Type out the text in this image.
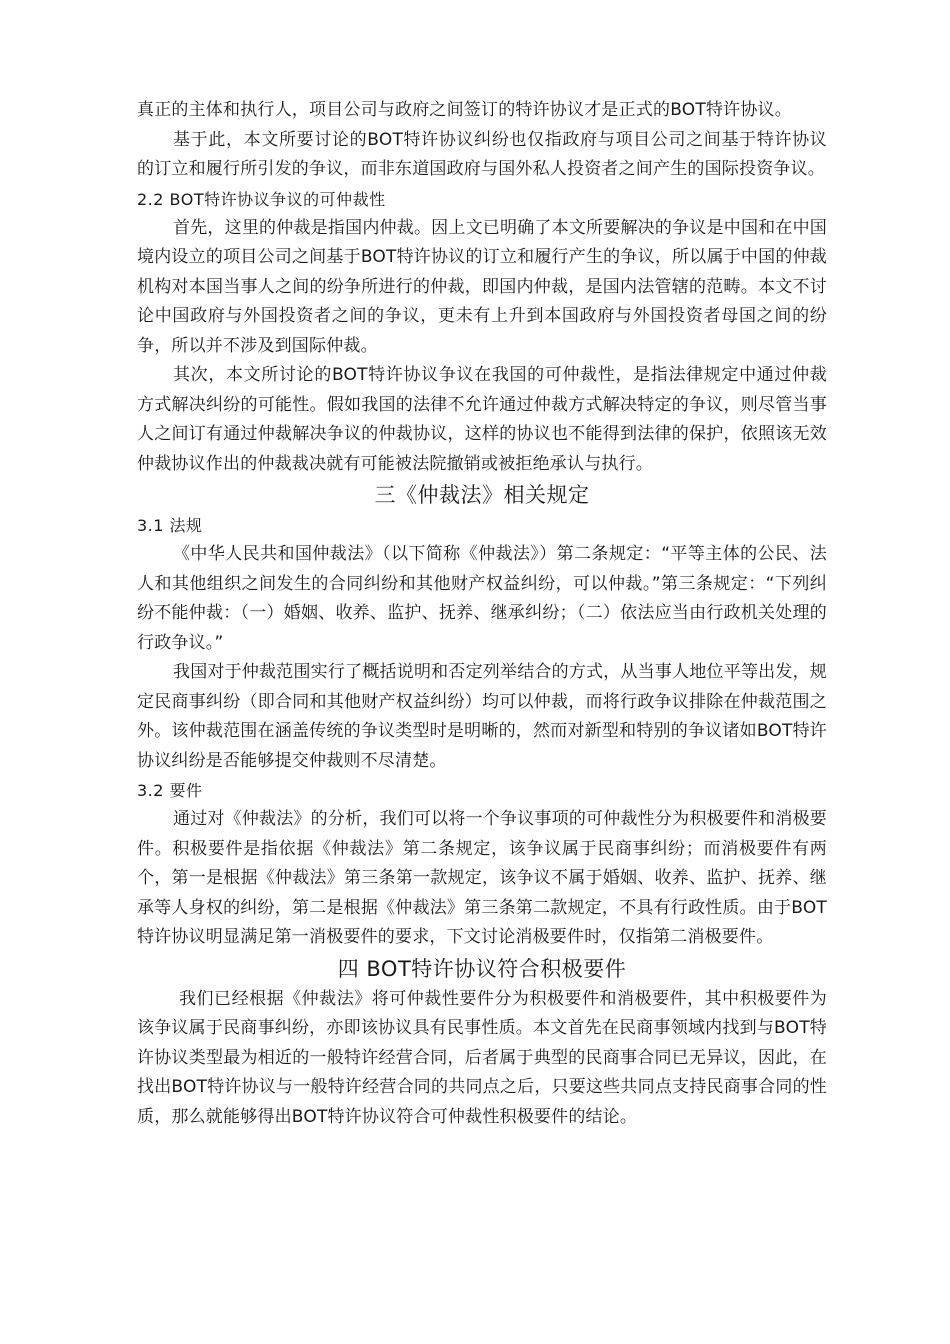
真正的主体和执行人，项目公司与政府之间签订的特许协议才是正式的BOT特许协议。

基于此，本文所要讨论的BOT特许协议纠纷也仅指政府与项目公司之间基于特许协议的订立和履行所引发的争议，而非东道国政府与国外私人投资者之间产生的国际投资争议。

2.2 BOT特许协议争议的可仲裁性

首先，这里的仲裁是指国内仲裁。因上文已明确了本文所要解决的争议是中国和在中国境内设立的项目公司之间基于BOT特许协议的订立和履行产生的争议，所以属于中国的仲裁机构对本国当事人之间的纷争所进行的仲裁，即国内仲裁，是国内法管辖的范畴。本文不讨论中国政府与外国投资者之间的争议，更未有上升到本国政府与外国投资者母国之间的纷争，所以并不涉及到国际仲裁。

其次，本文所讨论的BOT特许协议争议在我国的可仲裁性，是指法律规定中通过仲裁方式解决纠纷的可能性。假如我国的法律不允许通过仲裁方式解决特定的争议，则尽管当事人之间订有通过仲裁解决争议的仲裁协议，这样的协议也不能得到法律的保护，依照该无效仲裁协议作出的仲裁裁决就有可能被法院撤销或被拒绝承认与执行。

三《仲裁法》相关规定

3.1 法规

《中华人民共和国仲裁法》（以下简称《仲裁法》）第二条规定：“平等主体的公民、法人和其他组织之间发生的合同纠纷和其他财产权益纠纷，可以仲裁。”第三条规定：“下列纠纷不能仲裁：（一）婚姻、收养、监护、抚养、继承纠纷；（二）依法应当由行政机关处理的行政争议。”

我国对于仲裁范围实行了概括说明和否定列举结合的方式，从当事人地位平等出发，规定民商事纠纷（即合同和其他财产权益纠纷）均可以仲裁，而将行政争议排除在仲裁范围之外。该仲裁范围在涵盖传统的争议类型时是明晰的，然而对新型和特别的争议诸如BOT特许协议纠纷是否能够提交仲裁则不尽清楚。

3.2 要件

通过对《仲裁法》的分析，我们可以将一个争议事项的可仲裁性分为积极要件和消极要件。积极要件是指依据《仲裁法》第二条规定，该争议属于民商事纠纷；而消极要件有两个，第一是根据《仲裁法》第三条第一款规定，该争议不属于婚姻、收养、监护、抚养、继承等人身权的纠纷，第二是根据《仲裁法》第三条第二款规定，不具有行政性质。由于BOT特许协议明显满足第一消极要件的要求，下文讨论消极要件时，仅指第二消极要件。

四 BOT特许协议符合积极要件

我们已经根据《仲裁法》将可仲裁性要件分为积极要件和消极要件，其中积极要件为该争议属于民商事纠纷，亦即该协议具有民事性质。本文首先在民商事领域内找到与BOT特许协议类型最为相近的一般特许经营合同，后者属于典型的民商事合同已无异议，因此，在找出BOT特许协议与一般特许经营合同的共同点之后，只要这些共同点支持民商事合同的性质，那么就能够得出BOT特许协议符合可仲裁性积极要件的结论。
